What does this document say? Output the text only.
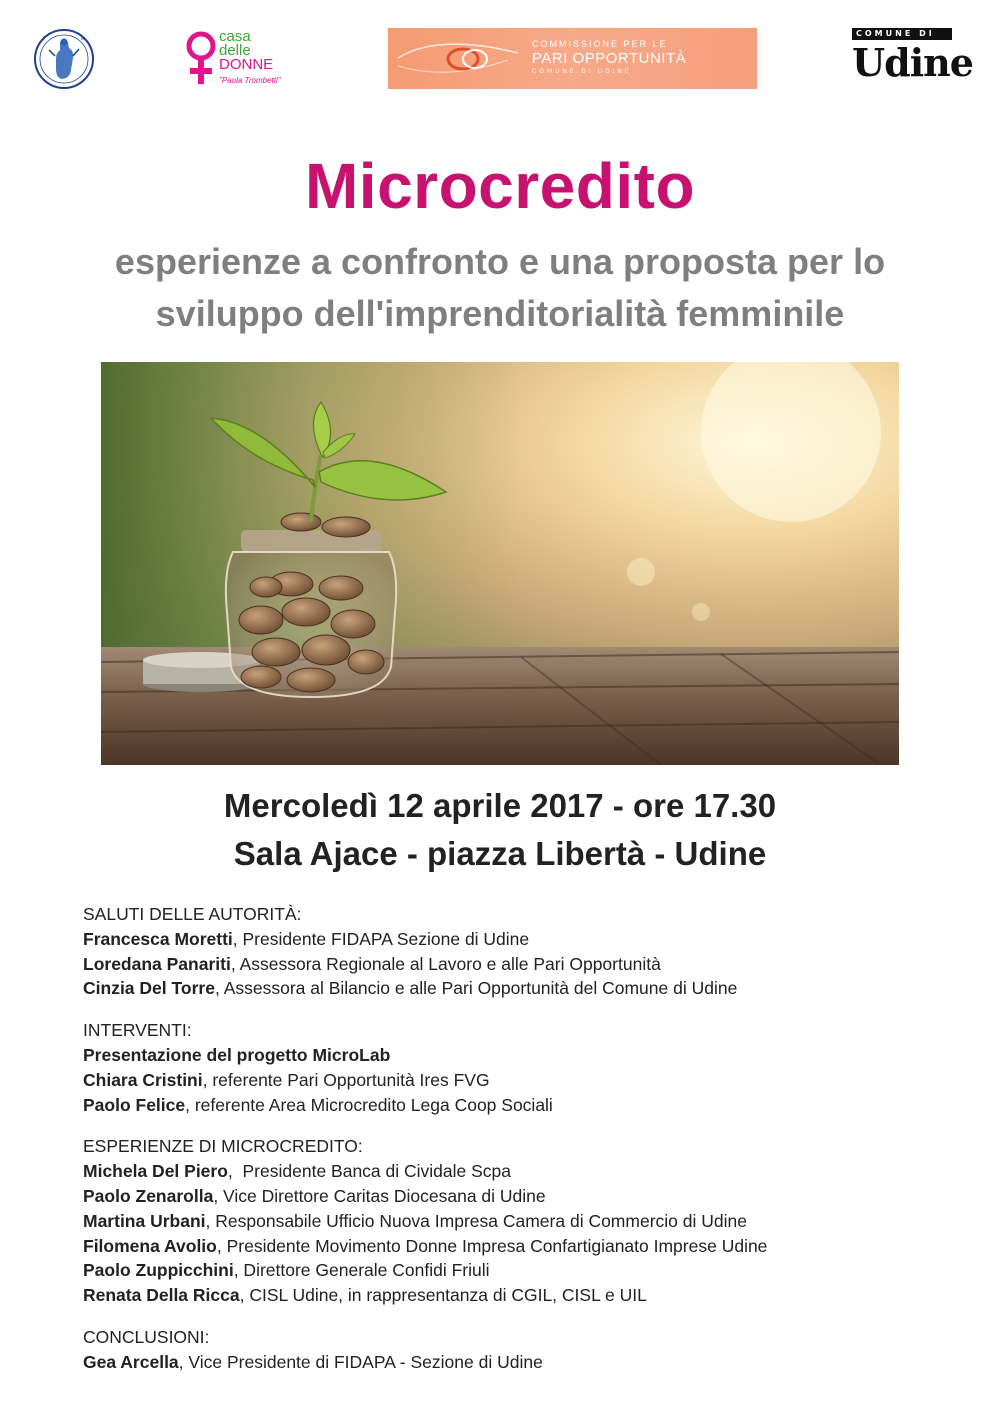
F	A	casa
delle
DONNE
"Paola Trombetti"
COMMISSIONE PER LE
PARI OPPORTUNITÀ
COMUNE DI UDINE
COMUNE DI
Udine
Microcredito
esperienze a confronto e una proposta per lo
sviluppo dell'imprenditorialità femminile
Mercoledì 12 aprile 2017 - ore 17.30
Sala Ajace - piazza Libertà - Udine
SALUTI DELLE AUTORITÀ:
Francesca Moretti, Presidente FIDAPA Sezione di Udine
Loredana Panariti, Assessora Regionale al Lavoro e alle Pari Opportunità
Cinzia Del Torre, Assessora al Bilancio e alle Pari Opportunità del Comune di Udine
INTERVENTI:
Presentazione del progetto MicroLab
Chiara Cristini, referente Pari Opportunità Ires FVG
Paolo Felice, referente Area Microcredito Lega Coop Sociali
ESPERIENZE DI MICROCREDITO:
Michela Del Piero,  Presidente Banca di Cividale Scpa
Paolo Zenarolla, Vice Direttore Caritas Diocesana di Udine
Martina Urbani, Responsabile Ufficio Nuova Impresa Camera di Commercio di Udine
Filomena Avolio, Presidente Movimento Donne Impresa Confartigianato Imprese Udine
Paolo Zuppicchini, Direttore Generale Confidi Friuli
Renata Della Ricca, CISL Udine, in rappresentanza di CGIL, CISL e UIL
CONCLUSIONI:
Gea Arcella, Vice Presidente di FIDAPA - Sezione di Udine
